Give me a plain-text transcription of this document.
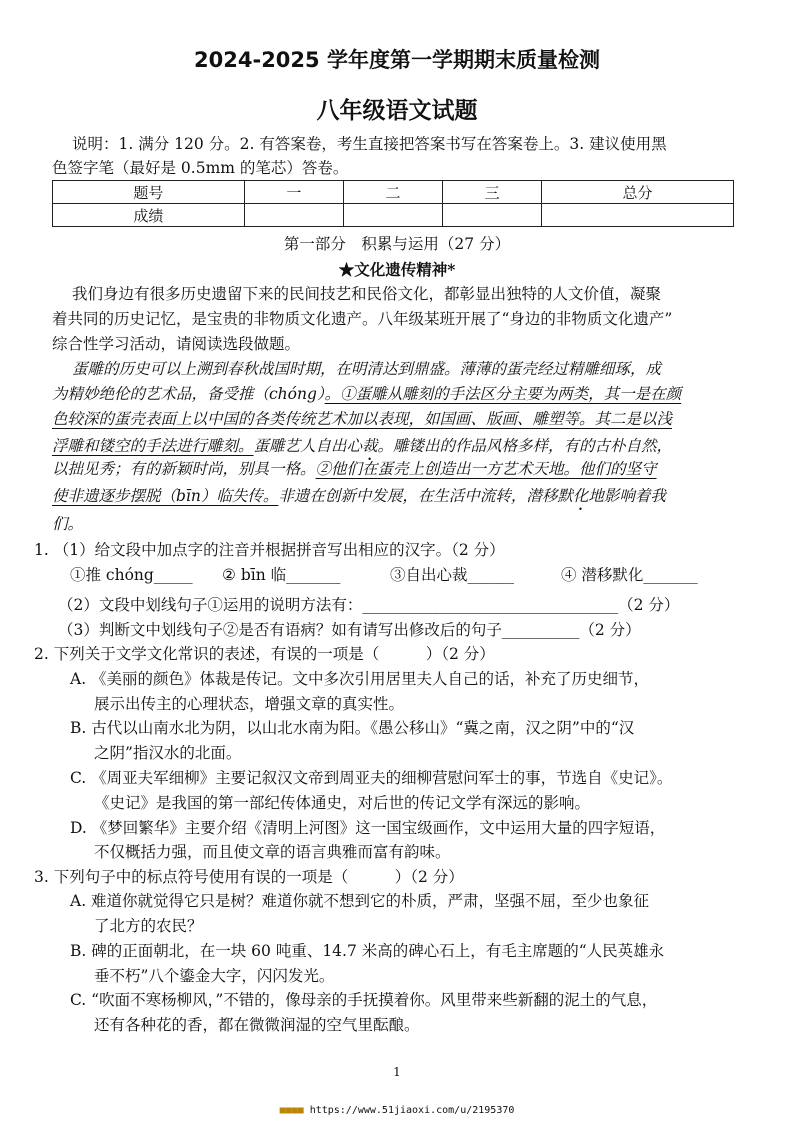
2024-2025 学年度第一学期期末质量检测
八年级语文试题
说明：1. 满分 120 分。2. 有答案卷，考生直接把答案书写在答案卷上。3. 建议使用黑
色签字笔（最好是 0.5mm 的笔芯）答卷。
题号	一	二	三	总分
成绩				
第一部分　积累与运用（27 分）
★文化遗传精神*
我们身边有很多历史遗留下来的民间技艺和民俗文化，都彰显出独特的人文价值，凝聚
着共同的历史记忆，是宝贵的非物质文化遗产。八年级某班开展了“身边的非物质文化遗产”
综合性学习活动，请阅读选段做题。
蛋雕的历史可以上溯到春秋战国时期，在明清达到鼎盛。薄薄的蛋壳经过精雕细琢，成
为精妙绝伦的艺术品，备受推（chóng）。①蛋雕从雕刻的手法区分主要为两类，其一是在颜
色较深的蛋壳表面上以中国的各类传统艺术加以表现，如国画、版画、雕塑等。其二是以浅
浮雕和镂空的手法进行雕刻。蛋雕艺人自出心裁。雕镂出的作品风格多样，有的古朴自然，
以拙见秀；有的新颖时尚，别具一格。②他们在蛋壳上创造出一方艺术天地。他们的坚守
使非遗逐步摆脱（bīn）临失传。非遗在创新中发展，在生活中流转，潜移默化地影响着我
们。
1. （1）给文段中加点字的注音并根据拼音写出相应的汉字。（2 分）
①推 chóng_____ ② bīn 临_______	③自出心裁______	④ 潜移默化_______
（2）文段中划线句子①运用的说明方法有：_________________________________（2 分）
（3）判断文中划线句子②是否有语病？如有请写出修改后的句子__________（2 分）
2. 下列关于文学文化常识的表述，有误的一项是（　　　）（2 分）
A. 《美丽的颜色》体裁是传记。文中多次引用居里夫人自己的话，补充了历史细节，
展示出传主的心理状态，增强文章的真实性。
B. 古代以山南水北为阴，以山北水南为阳。《愚公移山》“冀之南，汉之阴”中的“汉
之阴”指汉水的北面。
C. 《周亚夫军细柳》主要记叙汉文帝到周亚夫的细柳营慰问军士的事，节选自《史记》。
《史记》是我国的第一部纪传体通史，对后世的传记文学有深远的影响。
D. 《梦回繁华》主要介绍《清明上河图》这一国宝级画作，文中运用大量的四字短语，
不仅概括力强，而且使文章的语言典雅而富有韵味。
3. 下列句子中的标点符号使用有误的一项是（　　　）（2 分）
A. 难道你就觉得它只是树？难道你就不想到它的朴质，严肃，坚强不屈，至少也象征
了北方的农民？
B. 碑的正面朝北，在一块 60 吨重、14.7 米高的碑心石上，有毛主席题的“人民英雄永
垂不朽”八个鎏金大字，闪闪发光。
C. “吹面不寒杨柳风，”不错的，像母亲的手抚摸着你。风里带来些新翻的泥土的气息，
还有各种花的香，都在微微润湿的空气里酝酿。
1
■■■■ https://www.51jiaoxi.com/u/2195370
